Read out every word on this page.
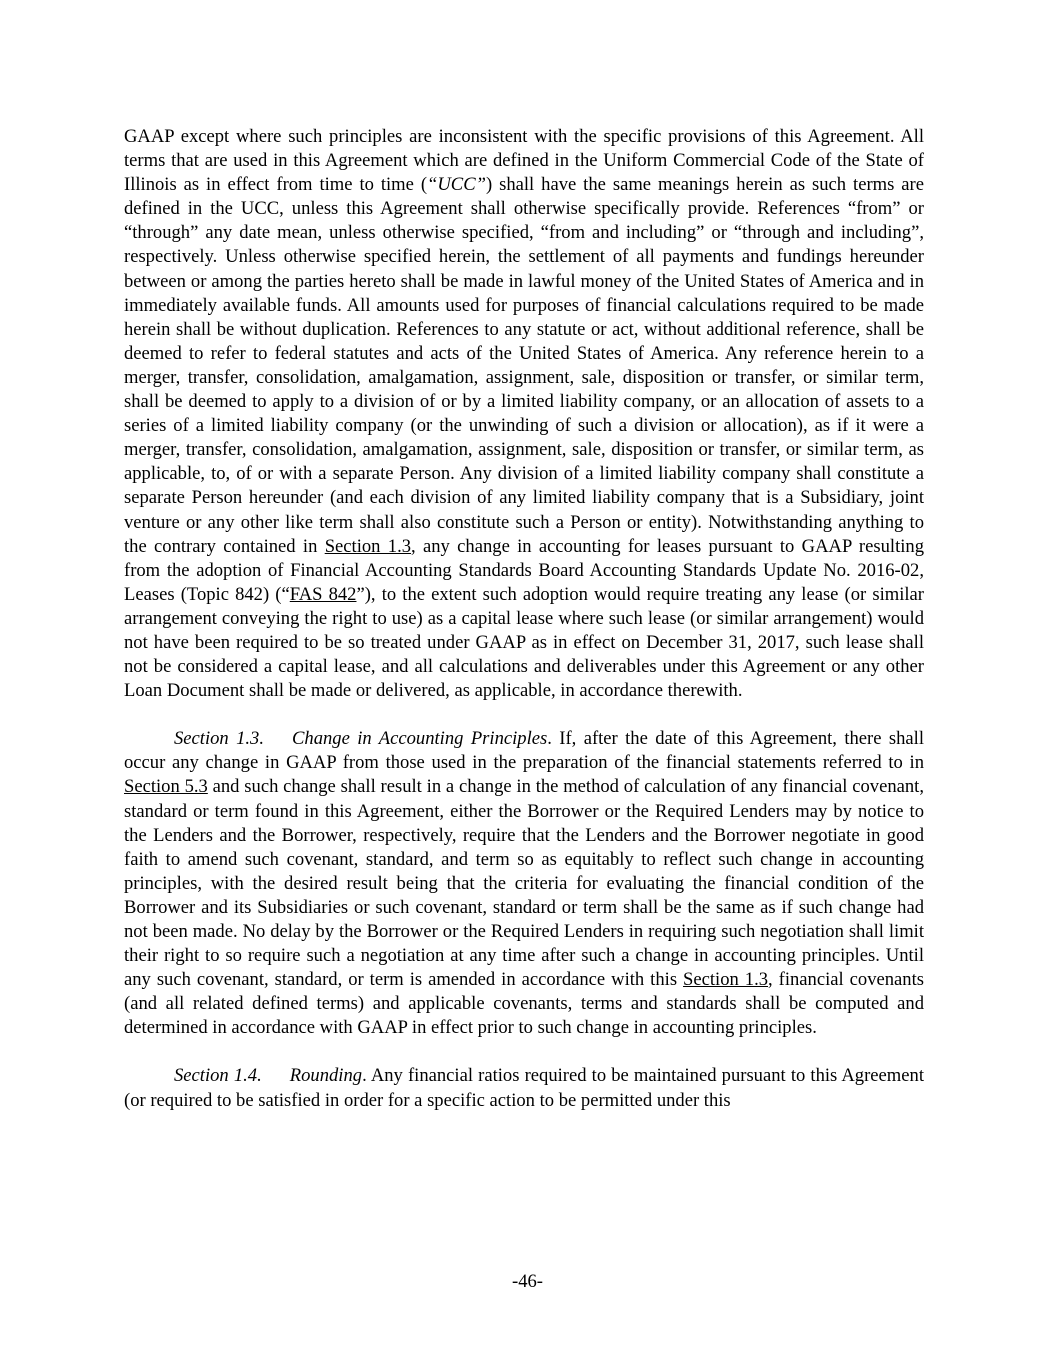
GAAP except where such principles are inconsistent with the specific provisions of this Agreement. All terms that are used in this Agreement which are defined in the Uniform Commercial Code of the State of Illinois as in effect from time to time (“UCC”) shall have the same meanings herein as such terms are defined in the UCC, unless this Agreement shall otherwise specifically provide. References “from” or “through” any date mean, unless otherwise specified, “from and including” or “through and including”, respectively. Unless otherwise specified herein, the settlement of all payments and fundings hereunder between or among the parties hereto shall be made in lawful money of the United States of America and in immediately available funds. All amounts used for purposes of financial calculations required to be made herein shall be without duplication. References to any statute or act, without additional reference, shall be deemed to refer to federal statutes and acts of the United States of America. Any reference herein to a merger, transfer, consolidation, amalgamation, assignment, sale, disposition or transfer, or similar term, shall be deemed to apply to a division of or by a limited liability company, or an allocation of assets to a series of a limited liability company (or the unwinding of such a division or allocation), as if it were a merger, transfer, consolidation, amalgamation, assignment, sale, disposition or transfer, or similar term, as applicable, to, of or with a separate Person. Any division of a limited liability company shall constitute a separate Person hereunder (and each division of any limited liability company that is a Subsidiary, joint venture or any other like term shall also constitute such a Person or entity). Notwithstanding anything to the contrary contained in Section 1.3, any change in accounting for leases pursuant to GAAP resulting from the adoption of Financial Accounting Standards Board Accounting Standards Update No. 2016-02, Leases (Topic 842) (“FAS 842”), to the extent such adoption would require treating any lease (or similar arrangement conveying the right to use) as a capital lease where such lease (or similar arrangement) would not have been required to be so treated under GAAP as in effect on December 31, 2017, such lease shall not be considered a capital lease, and all calculations and deliverables under this Agreement or any other Loan Document shall be made or delivered, as applicable, in accordance therewith.

Section 1.3. Change in Accounting Principles. If, after the date of this Agreement, there shall occur any change in GAAP from those used in the preparation of the financial statements referred to in Section 5.3 and such change shall result in a change in the method of calculation of any financial covenant, standard or term found in this Agreement, either the Borrower or the Required Lenders may by notice to the Lenders and the Borrower, respectively, require that the Lenders and the Borrower negotiate in good faith to amend such covenant, standard, and term so as equitably to reflect such change in accounting principles, with the desired result being that the criteria for evaluating the financial condition of the Borrower and its Subsidiaries or such covenant, standard or term shall be the same as if such change had not been made. No delay by the Borrower or the Required Lenders in requiring such negotiation shall limit their right to so require such a negotiation at any time after such a change in accounting principles. Until any such covenant, standard, or term is amended in accordance with this Section 1.3, financial covenants (and all related defined terms) and applicable covenants, terms and standards shall be computed and determined in accordance with GAAP in effect prior to such change in accounting principles.

Section 1.4. Rounding. Any financial ratios required to be maintained pursuant to this Agreement (or required to be satisfied in order for a specific action to be permitted under this

-46-
